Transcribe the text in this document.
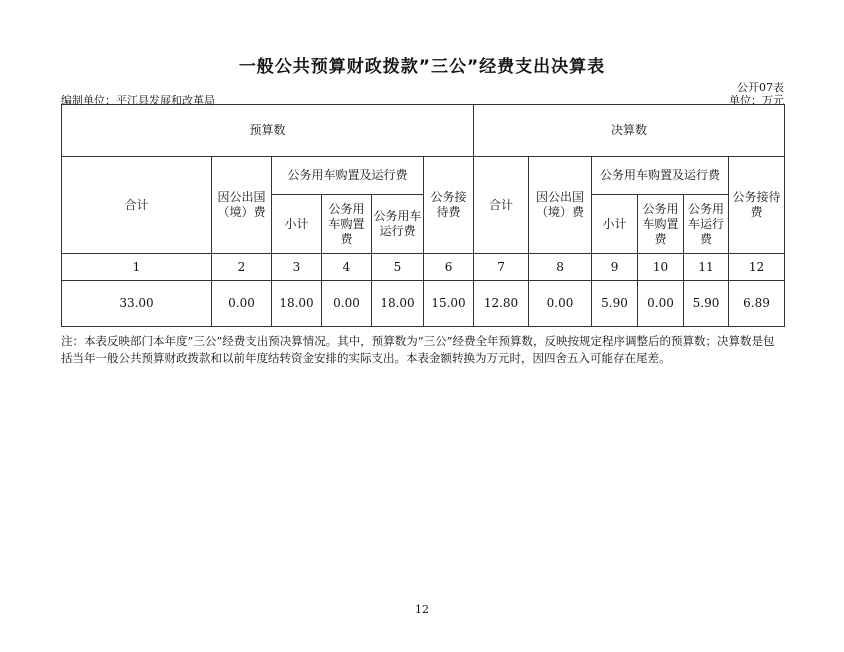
一般公共预算财政拨款”三公”经费支出决算表
公开07表
编制单位：平江县发展和改革局	单位：万元
预算数						决算数					
合计	因公出国（境）费	公务用车购置及运行费			公务接待费	合计	因公出国（境）费	公务用车购置及运行费			公务接待费
		小计	公务用车购置费	公务用车运行费				小计	公务用车购置费	公务用车运行费	
1	2	3	4	5	6	7	8	9	10	11	12
33.00	0.00	18.00	0.00	18.00	15.00	12.80	0.00	5.90	0.00	5.90	6.89
注：本表反映部门本年度”三公”经费支出预决算情况。其中，预算数为”三公”经费全年预算数，反映按规定程序调整后的预算数；决算数是包括当年一般公共预算财政拨款和以前年度结转资金安排的实际支出。本表金额转换为万元时，因四舍五入可能存在尾差。
12
